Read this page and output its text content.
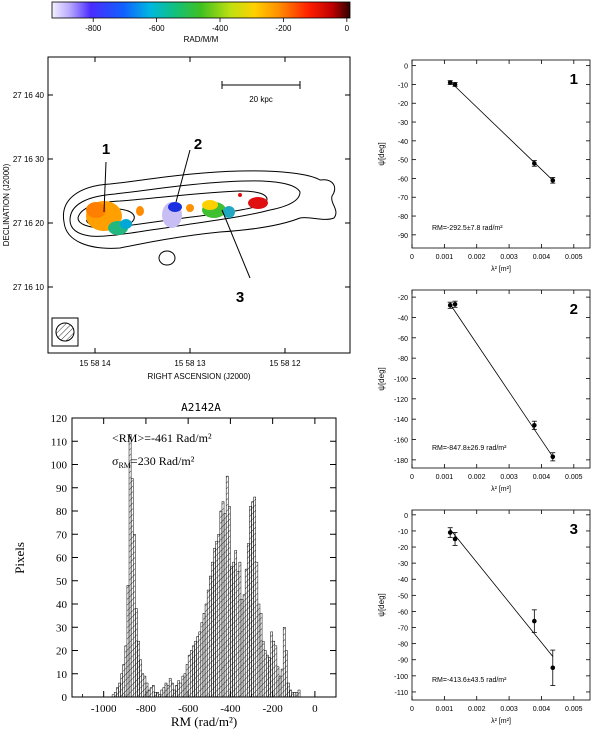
-800	-600	-400	-200	0
RAD/M/M
20 kpc
1	2
3
27 16 40
27 16 30
27 16 20
27 16 10
15 58 14	15 58 13	15 58 12
RIGHT ASCENSION (J2000)
DECLINATION (J2000)
A2142A
-1000 -800 -600 -400 -200	0
0
10
20
30
40
50
60
70
80
90
100
110
120
<RM>=-461 Rad/m²
$\sigma_{RM}=230$ Rad/m²
Pixels
RM (rad/m²)
0
-10
-20
-30
-40
-50
-60
-70
-80
-90
0	0.001 0.002 0.003 0.004 0.005
λ² [m²]
ψ[deg]
1
RM=-292.5±7.8 rad/m²
-20
-40
-60
-80
-100
-120
-140
-160
-180
0	0.001 0.002 0.003 0.004 0.005
λ² [m²]
ψ[deg]
2
RM=-847.8±26.9 rad/m²
0
-10
-20
-30
-40
-50
-60
-70
-80
-90
-100
-110
0	0.001 0.002 0.003 0.004 0.005
λ² [m²]
ψ[deg]
3
RM=-413.6±43.5 rad/m²
